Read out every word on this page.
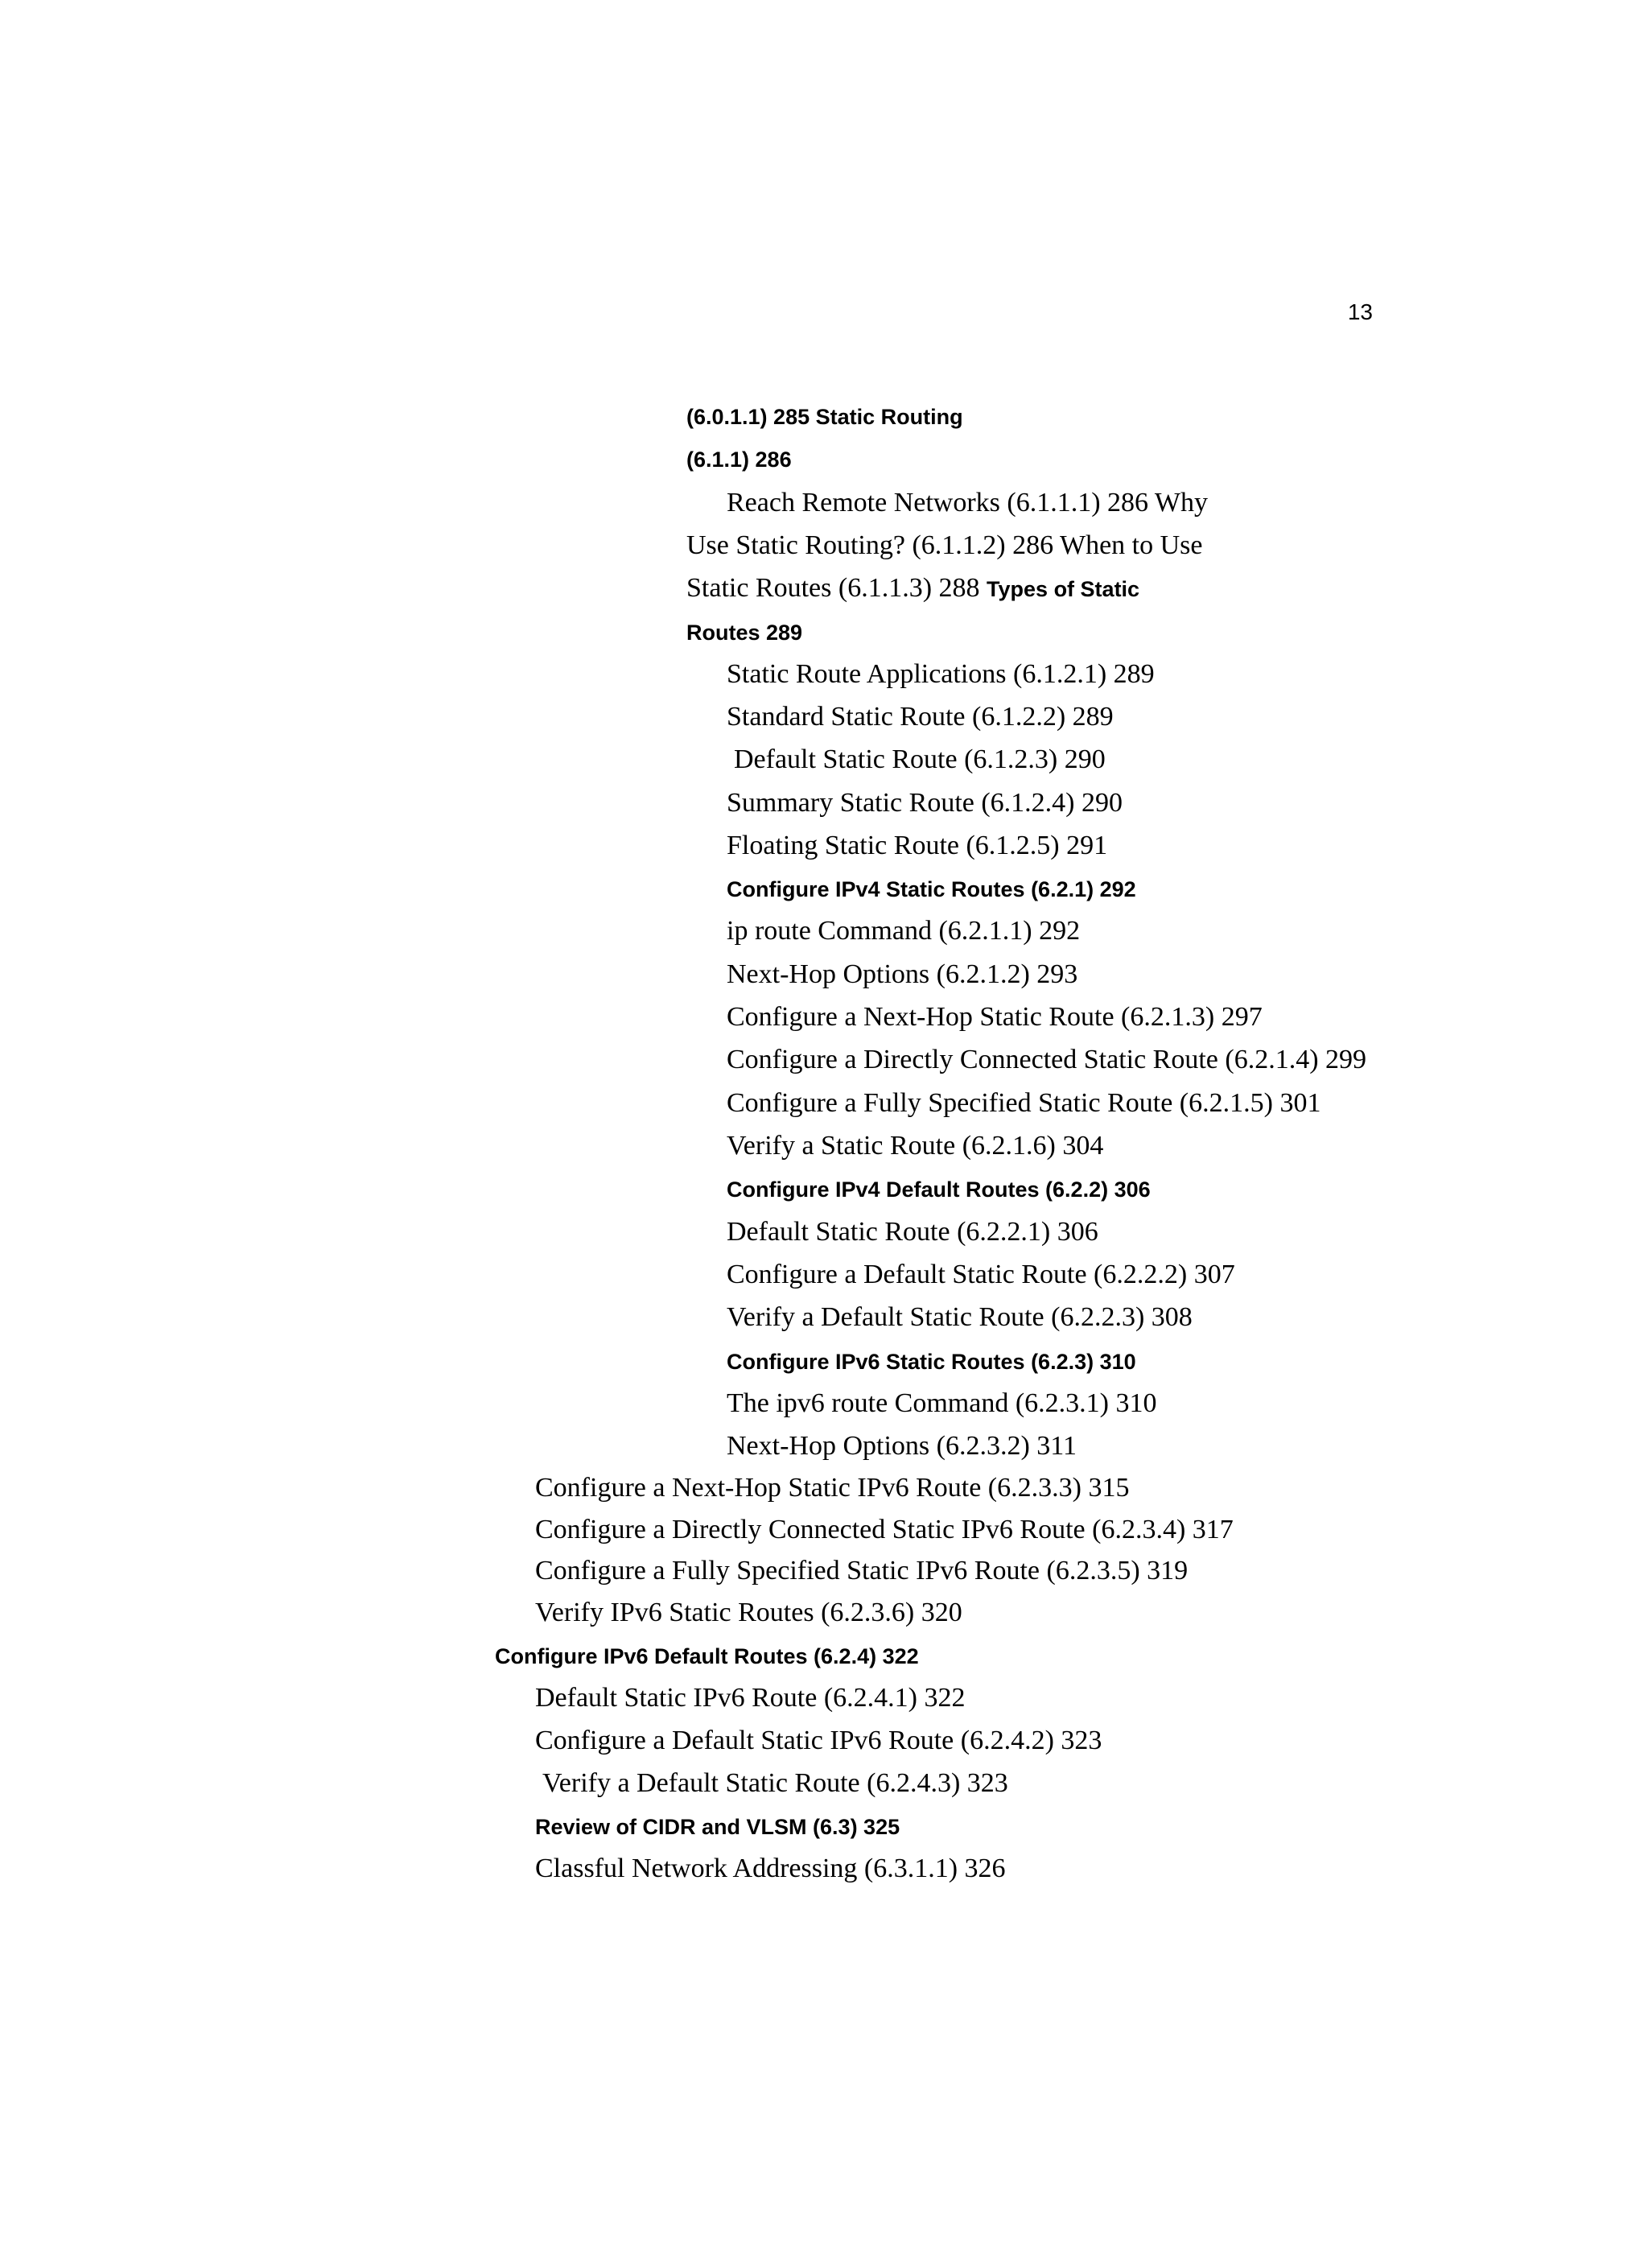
13
(6.0.1.1) 285 Static Routing
(6.1.1) 286
Reach Remote Networks (6.1.1.1) 286 Why
Use Static Routing? (6.1.1.2) 286 When to Use
Static Routes (6.1.1.3) 288 Types of Static
Routes 289
Static Route Applications (6.1.2.1) 289
Standard Static Route (6.1.2.2) 289
Default Static Route (6.1.2.3) 290
Summary Static Route (6.1.2.4) 290
Floating Static Route (6.1.2.5) 291
Configure IPv4 Static Routes (6.2.1) 292
ip route Command (6.2.1.1) 292
Next-Hop Options (6.2.1.2) 293
Configure a Next-Hop Static Route (6.2.1.3) 297
Configure a Directly Connected Static Route (6.2.1.4) 299
Configure a Fully Specified Static Route (6.2.1.5) 301
Verify a Static Route (6.2.1.6) 304
Configure IPv4 Default Routes (6.2.2) 306
Default Static Route (6.2.2.1) 306
Configure a Default Static Route (6.2.2.2) 307
Verify a Default Static Route (6.2.2.3) 308
Configure IPv6 Static Routes (6.2.3) 310
The ipv6 route Command (6.2.3.1) 310
Next-Hop Options (6.2.3.2) 311
Configure a Next-Hop Static IPv6 Route (6.2.3.3) 315
Configure a Directly Connected Static IPv6 Route (6.2.3.4) 317
Configure a Fully Specified Static IPv6 Route (6.2.3.5) 319
Verify IPv6 Static Routes (6.2.3.6) 320
Configure IPv6 Default Routes (6.2.4) 322
Default Static IPv6 Route (6.2.4.1) 322
Configure a Default Static IPv6 Route (6.2.4.2) 323
Verify a Default Static Route (6.2.4.3) 323
Review of CIDR and VLSM (6.3) 325
Classful Network Addressing (6.3.1.1) 326
